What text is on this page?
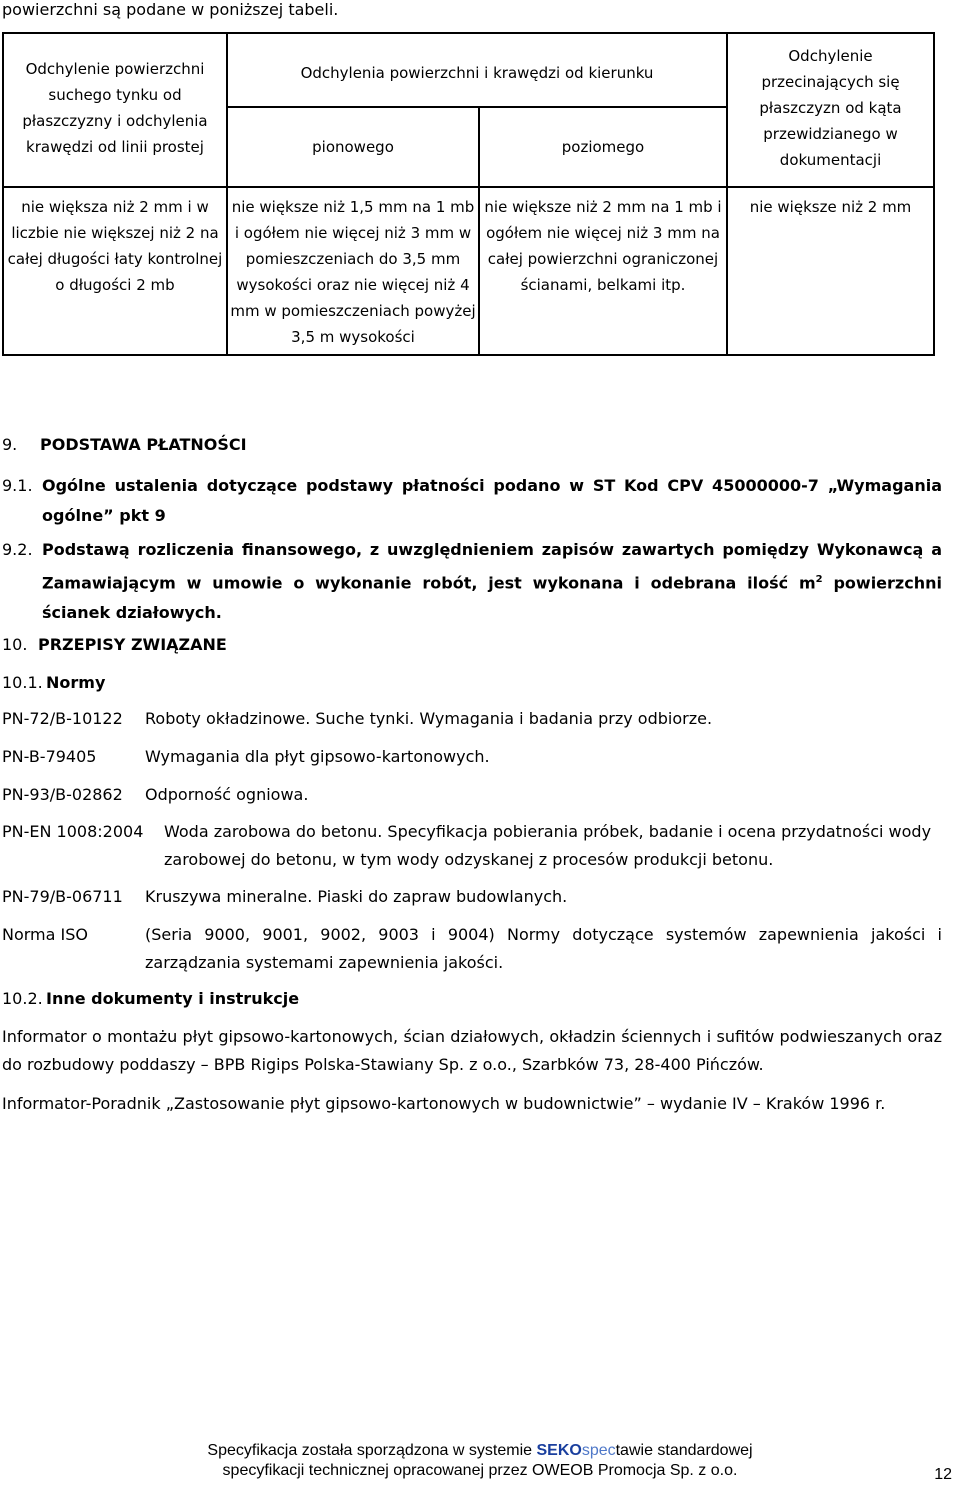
powierzchni są podane w poniższej tabeli.
Odchylenie powierzchni suchego tynku od płaszczyzny i odchylenia krawędzi od linii prostej	Odchylenia powierzchni i krawędzi od kierunku		Odchylenie przecinających się płaszczyzn od kąta przewidzianego w dokumentacji
	pionowego	poziomego	
nie większa niż 2 mm i w liczbie nie większej niż 2 na całej długości łaty kontrolnej o długości 2 mb	nie większe niż 1,5 mm na 1 mb i ogółem nie więcej niż 3 mm w pomieszczeniach do 3,5 mm wysokości oraz nie więcej niż 4 mm w pomieszczeniach powyżej 3,5 m wysokości	nie większe niż 2 mm na 1 mb i ogółem nie więcej niż 3 mm na całej powierzchni ograniczonej ścianami, belkami itp.	nie większe niż 2 mm
9. PODSTAWA PŁATNOŚCI
9.1. Ogólne ustalenia dotyczące podstawy płatności podano w ST Kod CPV 45000000-7 „Wymagania ogólne” pkt 9
9.2. Podstawą rozliczenia finansowego, z uwzględnieniem zapisów zawartych pomiędzy Wykonawcą a Zamawiającym w umowie o wykonanie robót, jest wykonana i odebrana ilość $m^2$ powierzchni ścianek działowych.
10. PRZEPISY ZWIĄZANE
10.1. Normy
PN-72/B-10122	Roboty okładzinowe. Suche tynki. Wymagania i badania przy odbiorze.
PN-B-79405	Wymagania dla płyt gipsowo-kartonowych.
PN-93/B-02862	Odporność ogniowa.
PN-EN 1008:2004	Woda zarobowa do betonu. Specyfikacja pobierania próbek, badanie i ocena przydatności wody zarobowej do betonu, w tym wody odzyskanej z procesów produkcji betonu.
PN-79/B-06711	Kruszywa mineralne. Piaski do zapraw budowlanych.
Norma ISO	(Seria 9000, 9001, 9002, 9003 i 9004) Normy dotyczące systemów zapewnienia jakości i zarządzania systemami zapewnienia jakości.
10.2. Inne dokumenty i instrukcje
Informator o montażu płyt gipsowo-kartonowych, ścian działowych, okładzin ściennych i sufitów podwieszanych oraz do rozbudowy poddaszy – BPB Rigips Polska-Stawiany Sp. z o.o., Szarbków 73, 28-400 Pińczów.
Informator-Poradnik „Zastosowanie płyt gipsowo-kartonowych w budownictwie” – wydanie IV – Kraków 1996 r.
Specyfikacja została sporządzona w systemie SEKOspectawie standardowej
specyfikacji technicznej opracowanej przez OWEOB Promocja Sp. z o.o.	12
